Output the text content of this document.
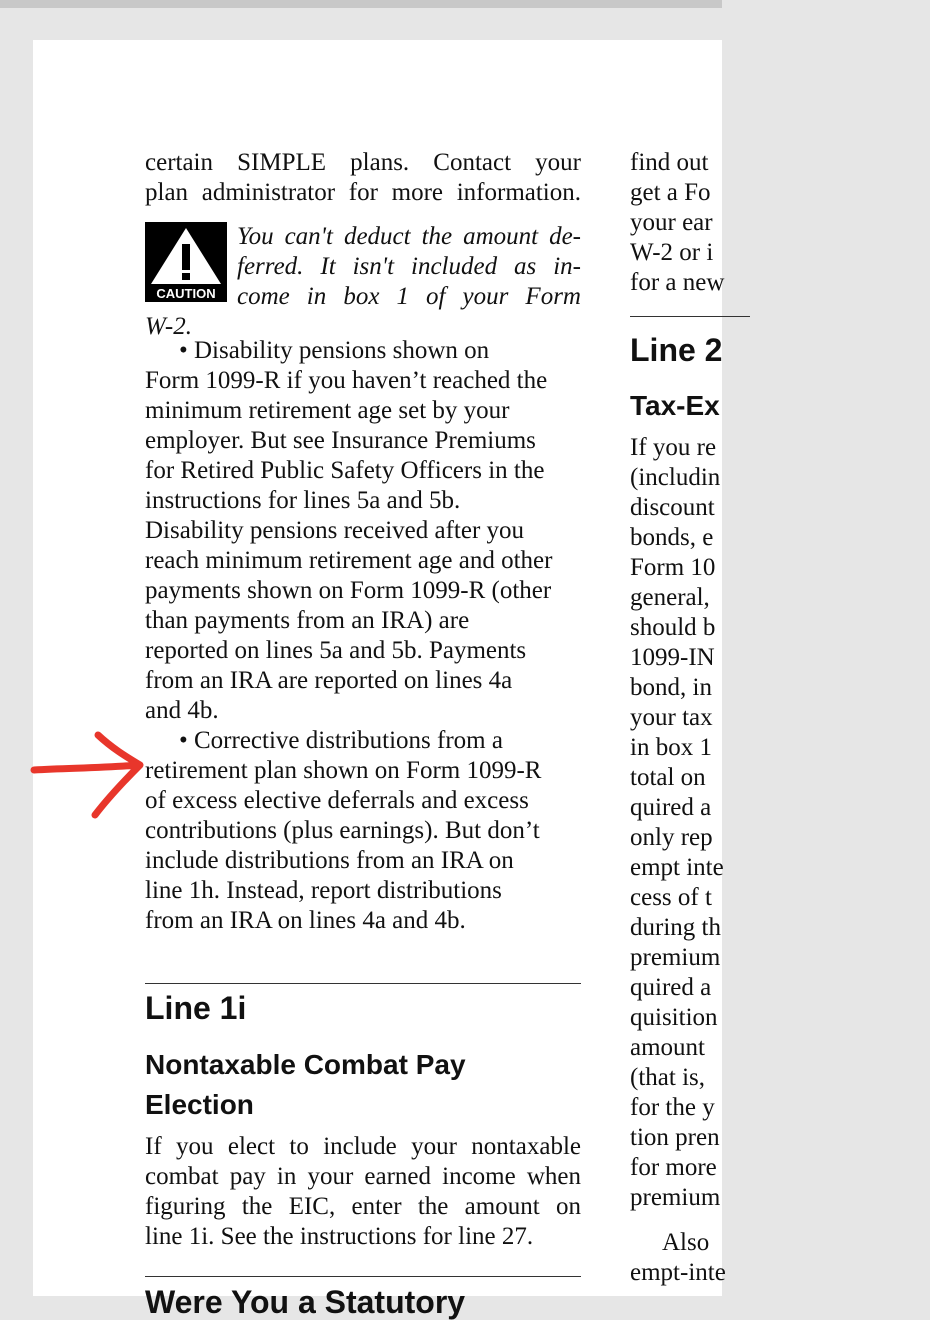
certain SIMPLE plans. Contact your
plan administrator for more information.

CAUTION
You can't deduct the amount de-
ferred. It isn't included as in-
come in box 1 of your Form
W-2.

• Disability pensions shown on
Form 1099-R if you haven’t reached the
minimum retirement age set by your
employer. But see Insurance Premiums
for Retired Public Safety Officers in the
instructions for lines 5a and 5b.
Disability pensions received after you
reach minimum retirement age and other
payments shown on Form 1099-R (other
than payments from an IRA) are
reported on lines 5a and 5b. Payments
from an IRA are reported on lines 4a
and 4b.

• Corrective distributions from a
retirement plan shown on Form 1099-R
of excess elective deferrals and excess
contributions (plus earnings). But don’t
include distributions from an IRA on
line 1h. Instead, report distributions
from an IRA on lines 4a and 4b.

Line 1i
Nontaxable Combat Pay
Election

If you elect to include your nontaxable
combat pay in your earned income when
figuring the EIC, enter the amount on
line 1i. See the instructions for line 27.

Were You a Statutory
find out
get a Fo
your ear
W-2 or i
for a new
Line 2
Tax-Ex
If you re
(includin
discount
bonds, e
Form 10
general,
should b
1099-IN
bond, in
your tax
in box 1
total on
quired a
only rep
empt inte
cess of t
during th
premium
quired a
quisition
amount
(that is,
for the y
tion pren
for more
premium
Also
empt-inte
